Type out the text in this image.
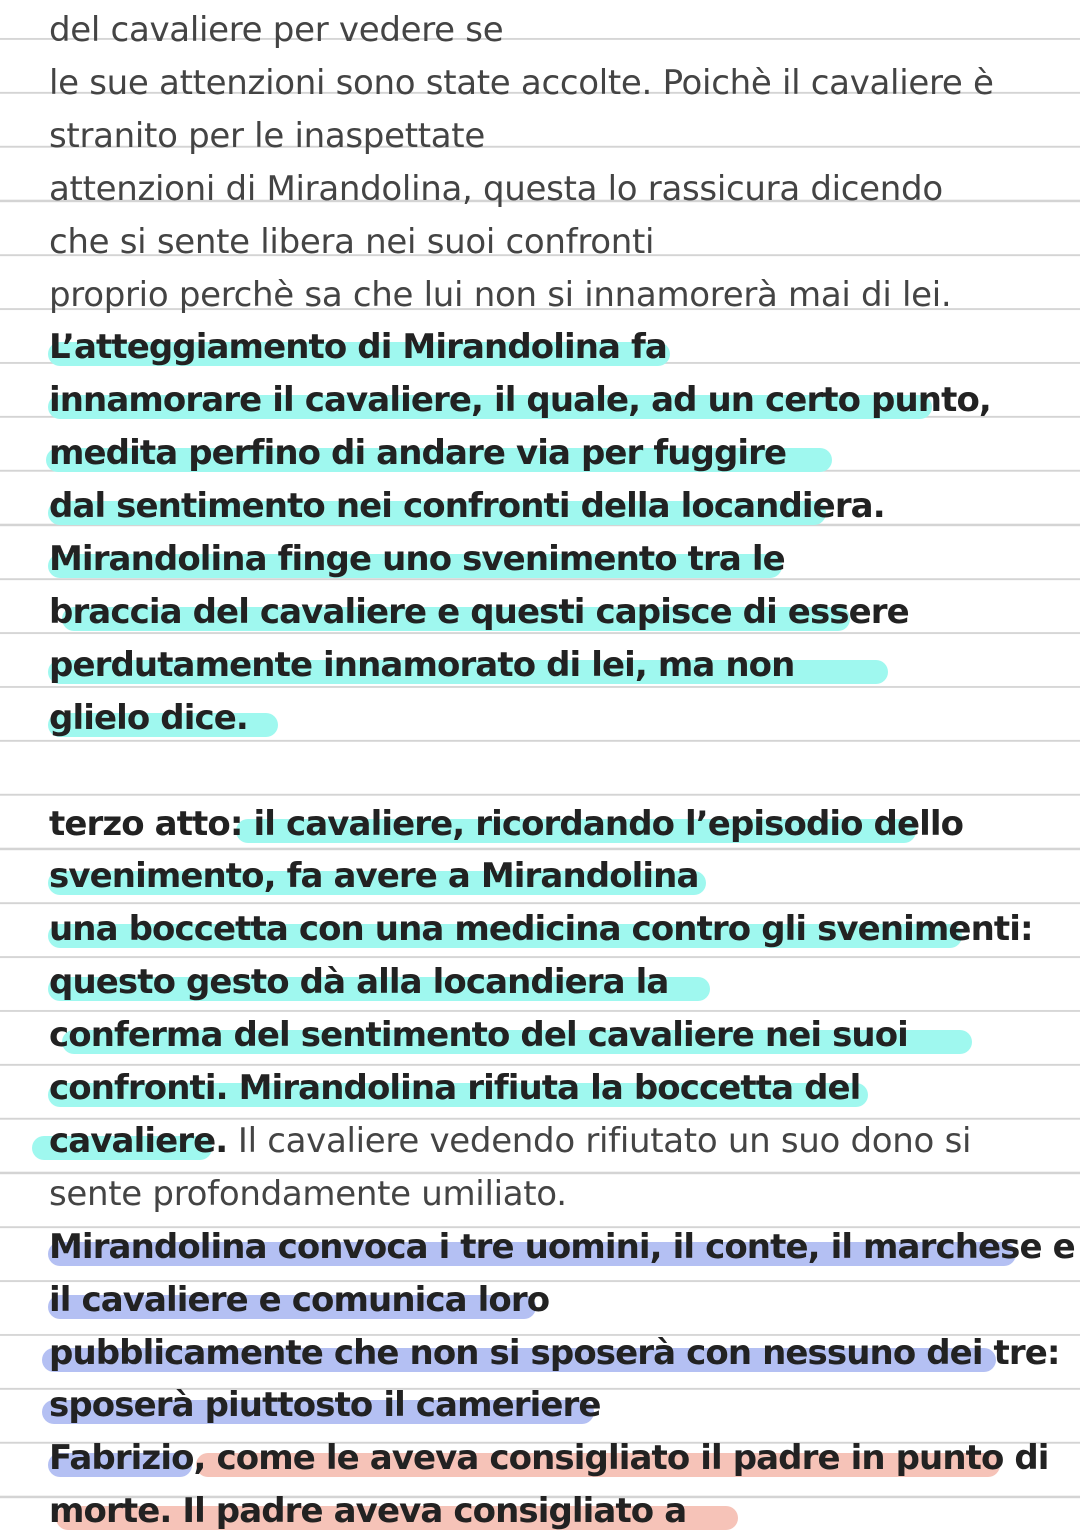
del cavaliere per vedere se
le sue attenzioni sono state accolte. Poichè il cavaliere è
stranito per le inaspettate
attenzioni di Mirandolina, questa lo rassicura dicendo
che si sente libera nei suoi confronti
proprio perchè sa che lui non si innamorerà mai di lei.
L’atteggiamento di Mirandolina fa
innamorare il cavaliere, il quale, ad un certo punto,
medita perfino di andare via per fuggire
dal sentimento nei confronti della locandiera.
Mirandolina finge uno svenimento tra le
braccia del cavaliere e questi capisce di essere
perdutamente innamorato di lei, ma non
glielo dice.
terzo atto: il cavaliere, ricordando l’episodio dello
svenimento, fa avere a Mirandolina
una boccetta con una medicina contro gli svenimenti:
questo gesto dà alla locandiera la
conferma del sentimento del cavaliere nei suoi
confronti. Mirandolina rifiuta la boccetta del
cavaliere. Il cavaliere vedendo rifiutato un suo dono si
sente profondamente umiliato.
Mirandolina convoca i tre uomini, il conte, il marchese e
il cavaliere e comunica loro
pubblicamente che non si sposerà con nessuno dei tre:
sposerà piuttosto il cameriere
Fabrizio, come le aveva consigliato il padre in punto di
morte. Il padre aveva consigliato a
